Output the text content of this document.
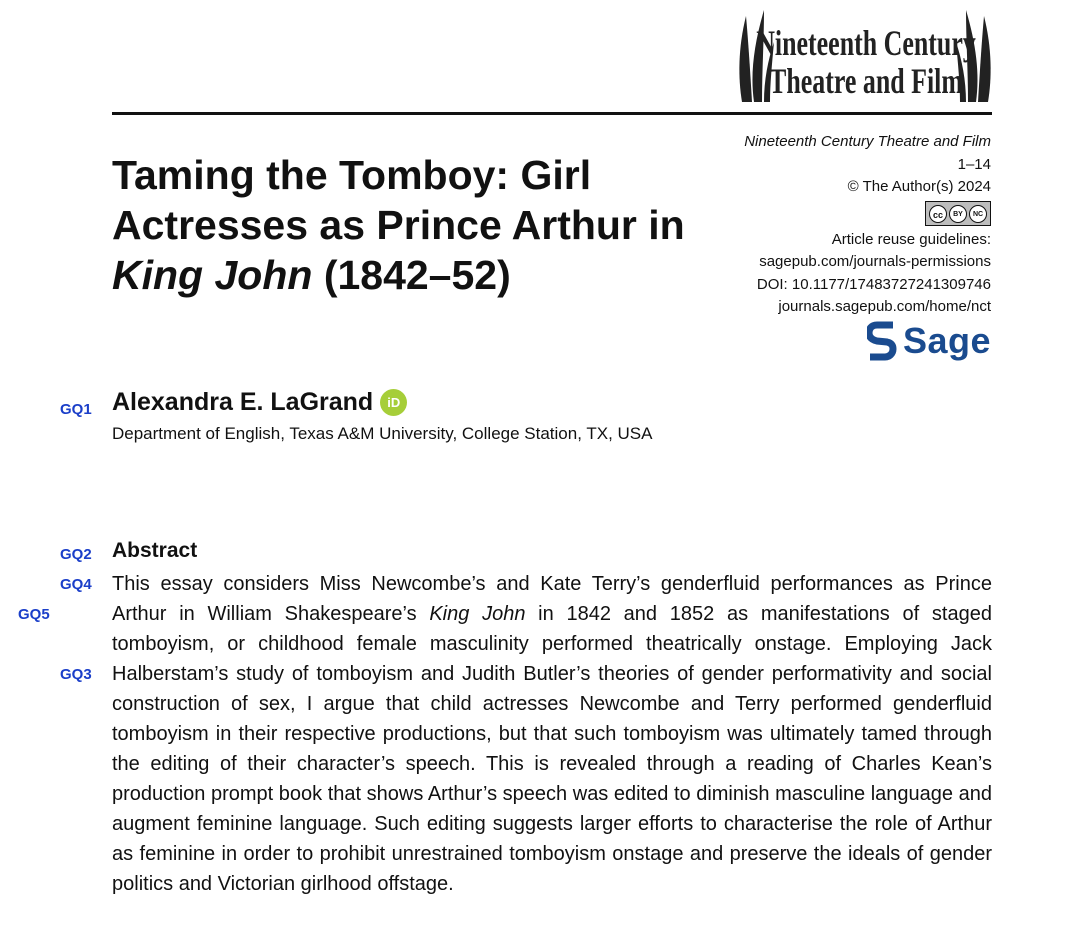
Nineteenth Century
Theatre and Film
Taming the Tomboy: Girl Actresses as Prince Arthur in King John (1842–52)
Nineteenth Century Theatre and Film
1–14
© The Author(s) 2024
cc	BY	NC
Article reuse guidelines:
sagepub.com/journals-permissions
DOI: 10.1177/17483727241309746
journals.sagepub.com/home/nct
Sage
GQ1
GQ2
GQ4
GQ5
GQ3
Alexandra E. LaGrand	iD
Department of English, Texas A&M University, College Station, TX, USA
Abstract
This essay considers Miss Newcombe’s and Kate Terry’s genderfluid performances as Prince Arthur in William Shakespeare’s King John in 1842 and 1852 as manifestations of staged tomboyism, or childhood female masculinity performed theatrically onstage. Employing Jack Halberstam’s study of tomboyism and Judith Butler’s theories of gender performativity and social construction of sex, I argue that child actresses Newcombe and Terry performed genderfluid tomboyism in their respective productions, but that such tomboyism was ultimately tamed through the editing of their character’s speech. This is revealed through a reading of Charles Kean’s production prompt book that shows Arthur’s speech was edited to diminish masculine language and augment feminine language. Such editing suggests larger efforts to characterise the role of Arthur as feminine in order to prohibit unrestrained tomboyism onstage and preserve the ideals of gender politics and Victorian girlhood offstage.
